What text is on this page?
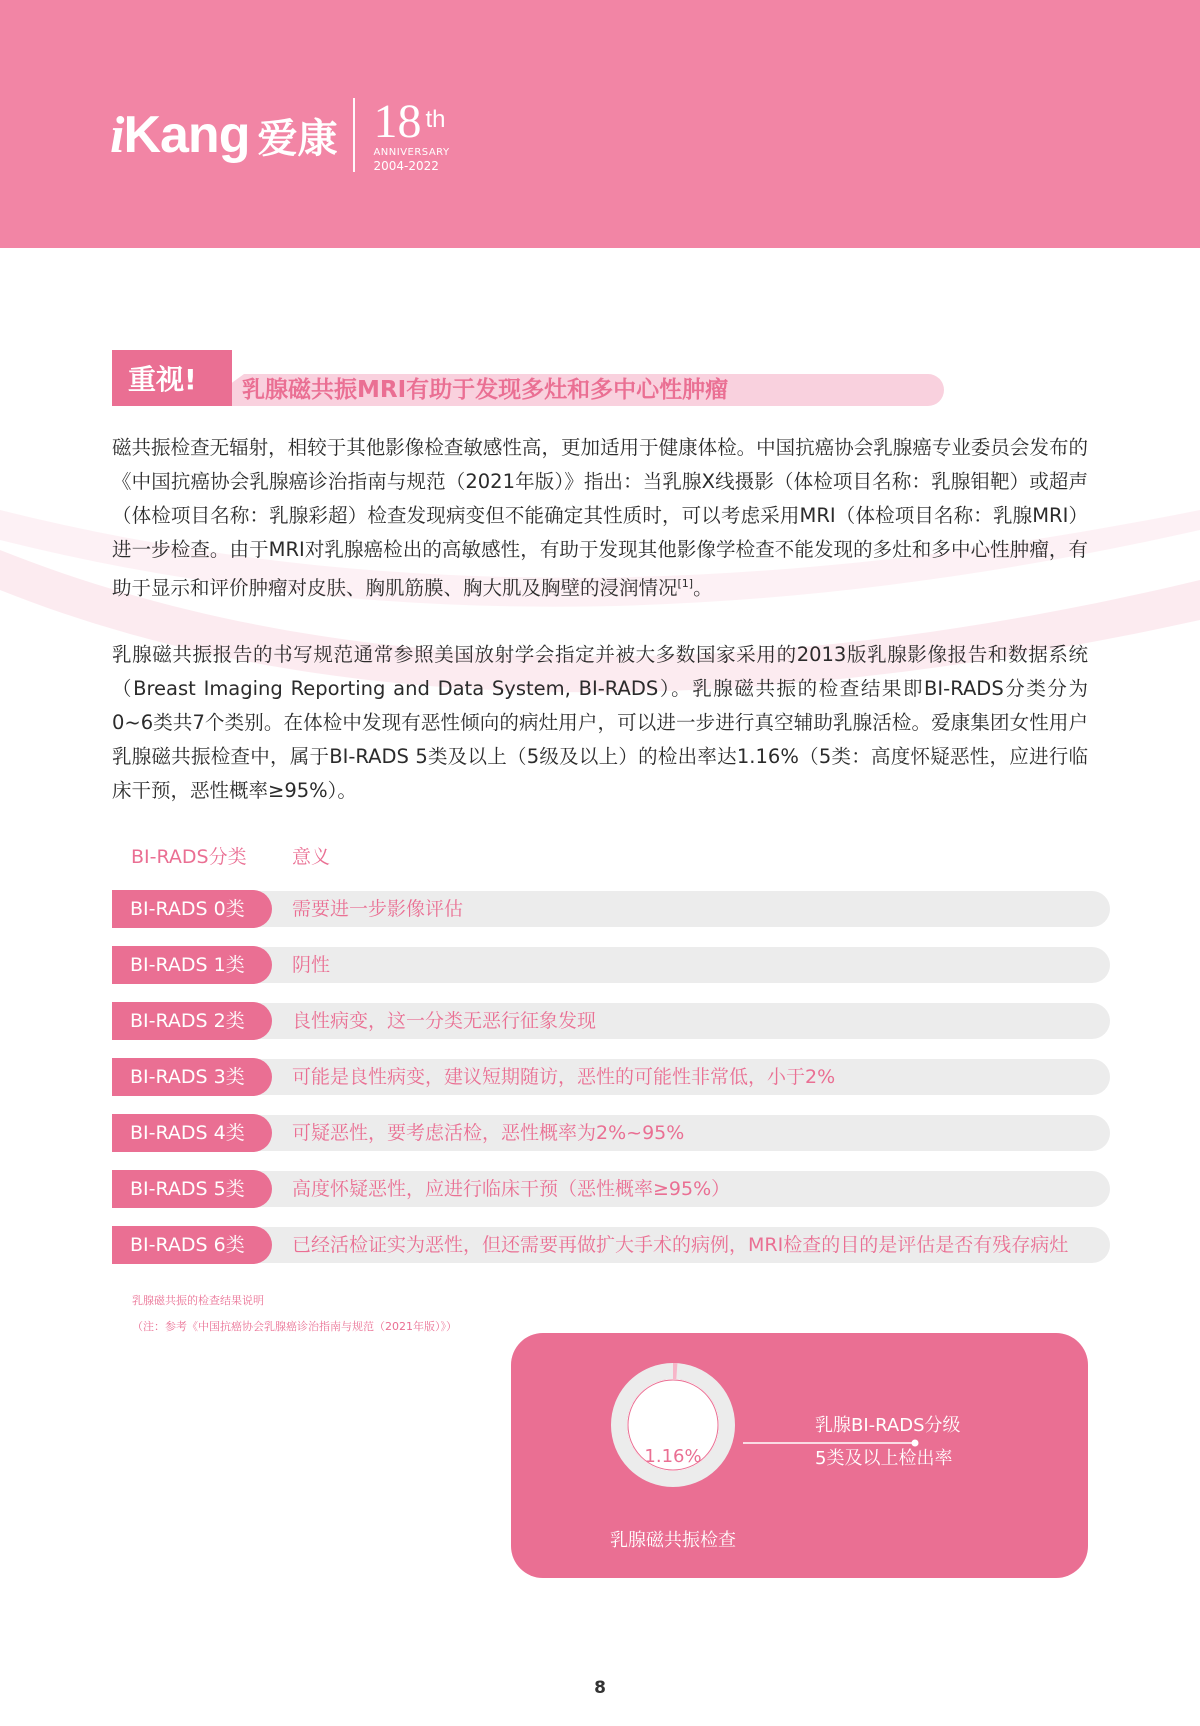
iKang 爱康 18 $^{th}$
ANNIVERSARY
2004-2022
重视!	乳腺磁共振MRI有助于发现多灶和多中心性肿瘤
磁共振检查无辐射，相较于其他影像检查敏感性高，更加适用于健康体检。中国抗癌协会乳腺癌专业委员会发布的《中国抗癌协会乳腺癌诊治指南与规范（2021年版）》指出：当乳腺X线摄影（体检项目名称：乳腺钼靶）或超声（体检项目名称：乳腺彩超）检查发现病变但不能确定其性质时，可以考虑采用MRI（体检项目名称：乳腺MRI）进一步检查。由于MRI对乳腺癌检出的高敏感性，有助于发现其他影像学检查不能发现的多灶和多中心性肿瘤，有助于显示和评价肿瘤对皮肤、胸肌筋膜、胸大肌及胸壁的浸润情况[1]。
乳腺磁共振报告的书写规范通常参照美国放射学会指定并被大多数国家采用的2013版乳腺影像报告和数据系统（Breast Imaging Reporting and Data System, BI-RADS）。乳腺磁共振的检查结果即BI-RADS分类分为0~6类共7个类别。在体检中发现有恶性倾向的病灶用户，可以进一步进行真空辅助乳腺活检。爱康集团女性用户乳腺磁共振检查中，属于BI-RADS 5类及以上（5级及以上）的检出率达1.16%（5类：高度怀疑恶性，应进行临床干预，恶性概率≥95%）。
BI-RADS分类 意义
BI-RADS 0类	需要进一步影像评估
BI-RADS 1类	阴性
BI-RADS 2类	良性病变，这一分类无恶行征象发现
BI-RADS 3类	可能是良性病变，建议短期随访，恶性的可能性非常低，小于2%
BI-RADS 4类	可疑恶性，要考虑活检，恶性概率为2%~95%
BI-RADS 5类	高度怀疑恶性，应进行临床干预（恶性概率≥95%）
BI-RADS 6类	已经活检证实为恶性，但还需要再做扩大手术的病例，MRI检查的目的是评估是否有残存病灶
乳腺磁共振的检查结果说明
（注：参考《中国抗癌协会乳腺癌诊治指南与规范（2021年版）》）
1.16%
乳腺磁共振检查
乳腺BI-RADS分级
5类及以上检出率
8
